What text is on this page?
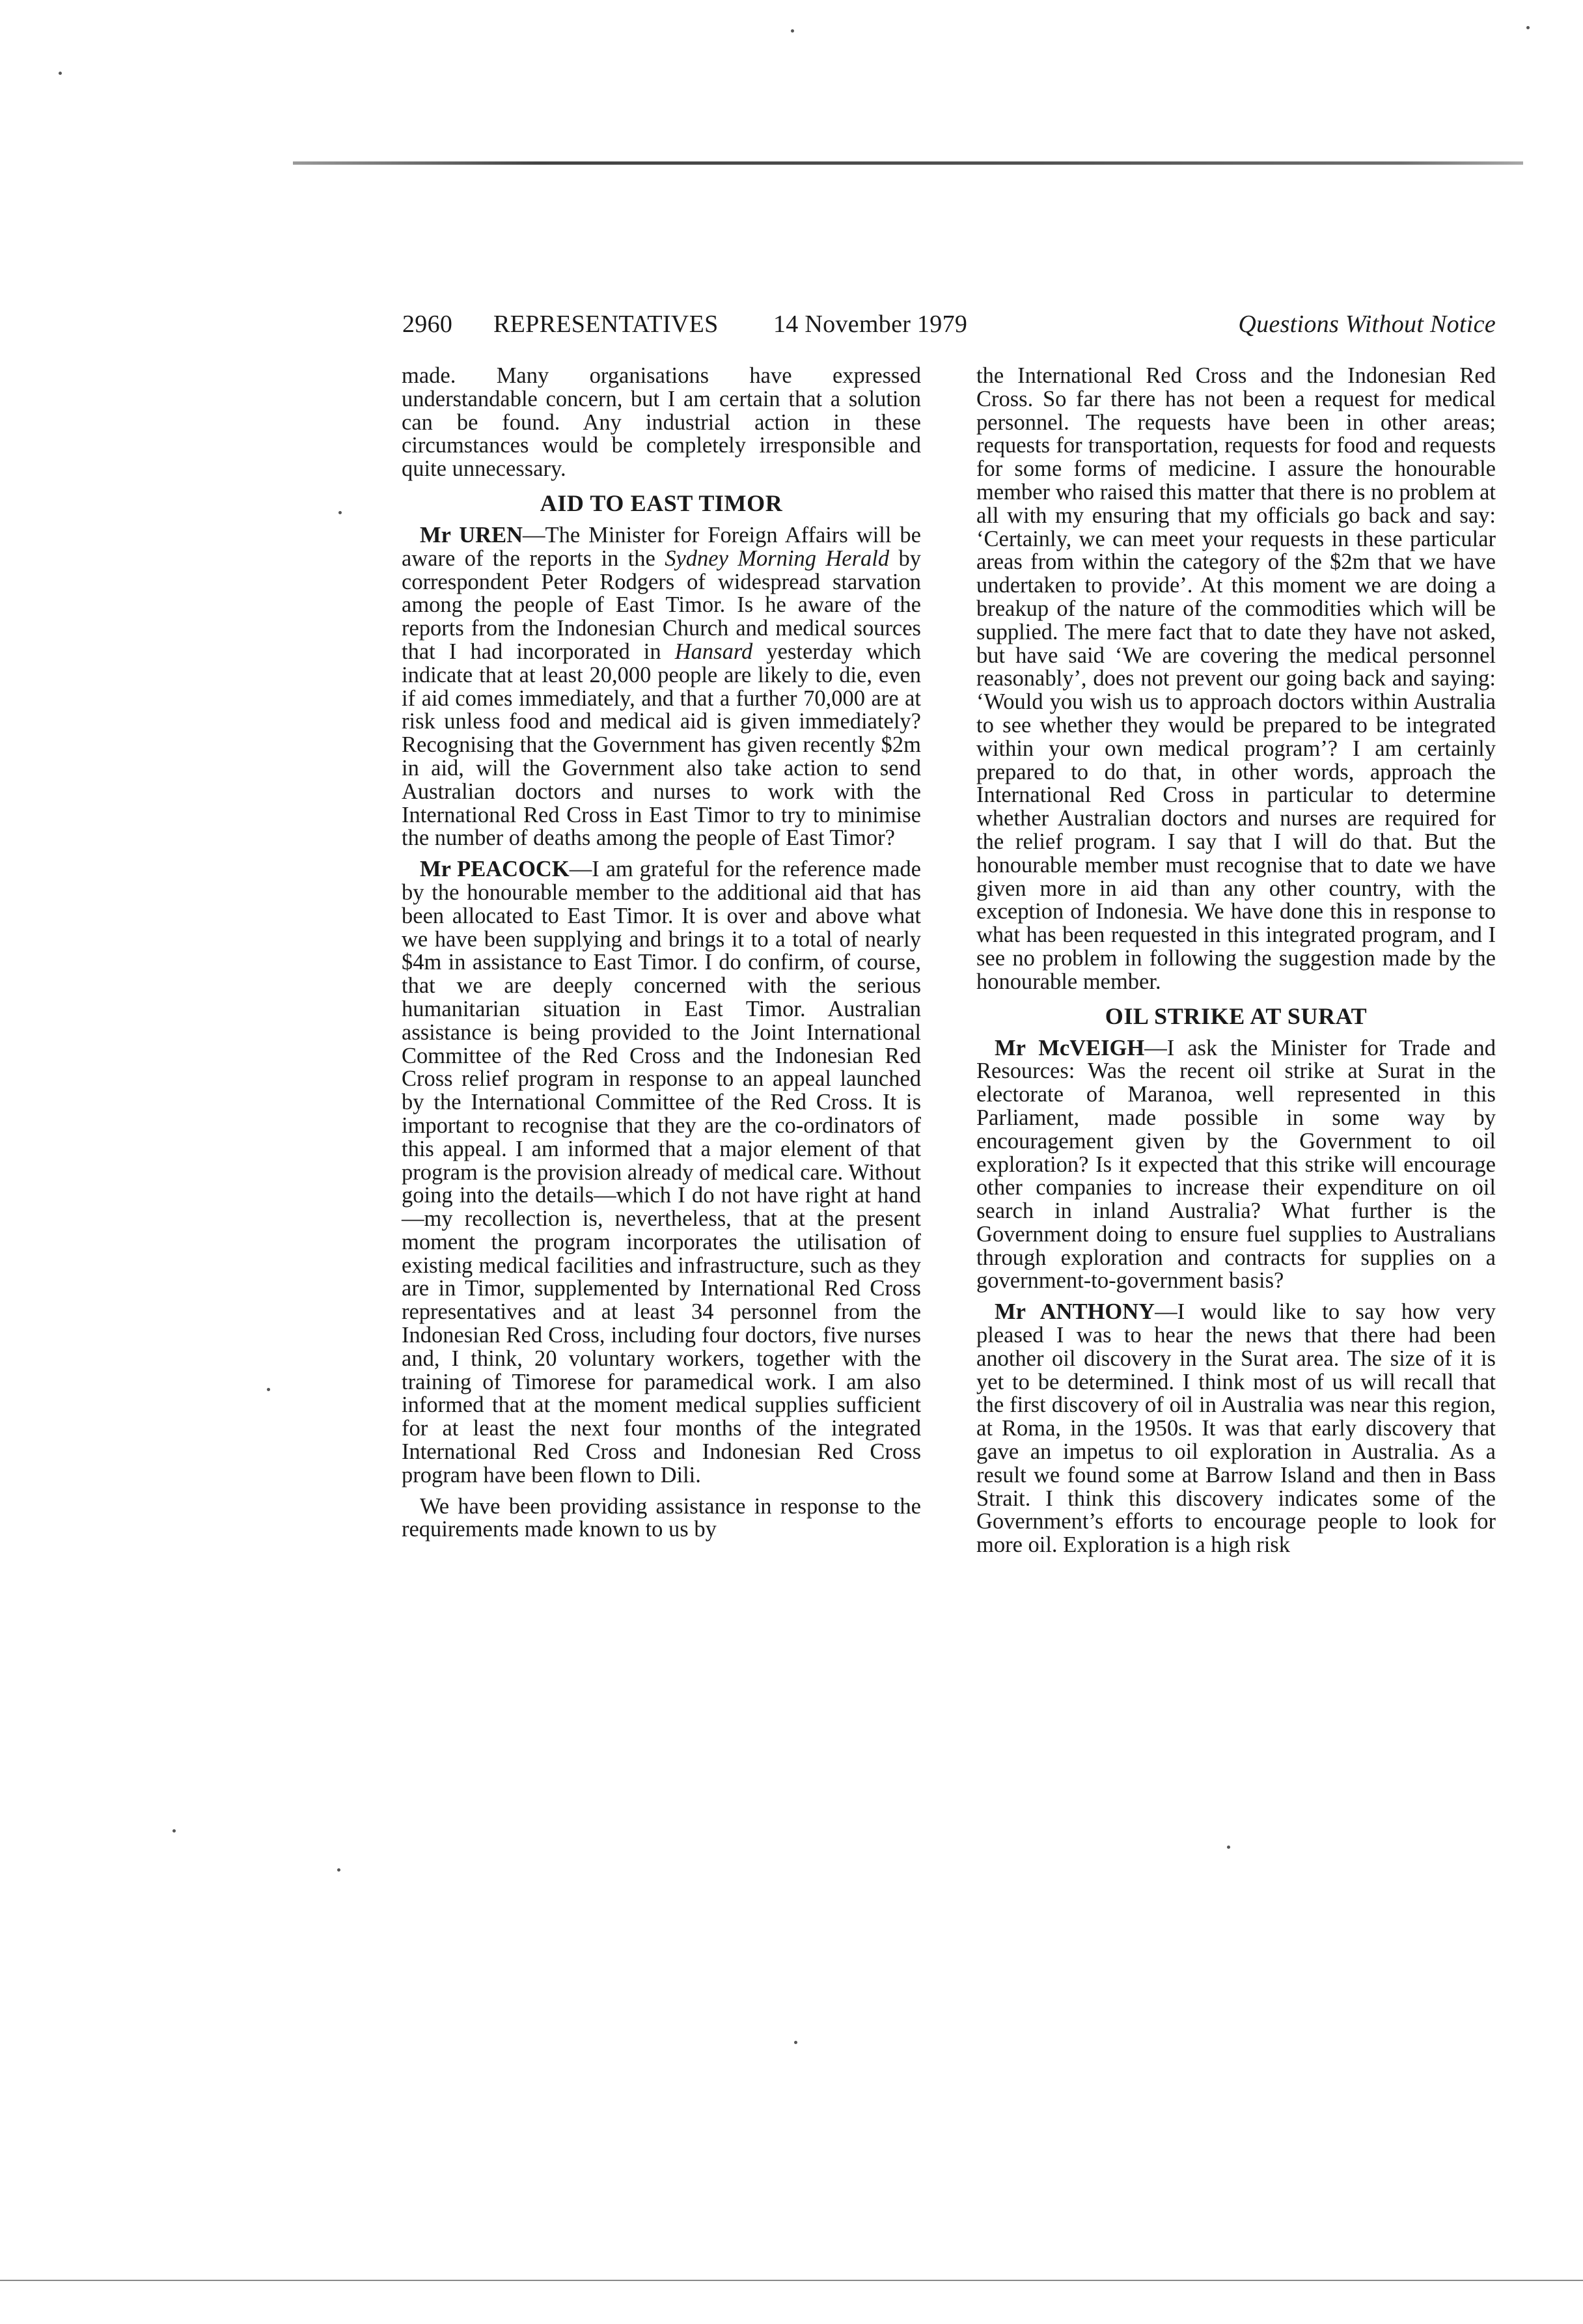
2960 REPRESENTATIVES 14 November 1979	Questions Without Notice

made. Many organisations have expressed understandable concern, but I am certain that a solution can be found. Any industrial action in these circumstances would be completely irresponsible and quite unnecessary.

AID TO EAST TIMOR

Mr UREN—The Minister for Foreign Affairs will be aware of the reports in the Sydney Morning Herald by correspondent Peter Rodgers of widespread starvation among the people of East Timor. Is he aware of the reports from the Indonesian Church and medical sources that I had incorporated in Hansard yesterday which indicate that at least 20,000 people are likely to die, even if aid comes immediately, and that a further 70,000 are at risk unless food and medical aid is given immediately? Recognising that the Government has given recently $2m in aid, will the Government also take action to send Australian doctors and nurses to work with the International Red Cross in East Timor to try to minimise the number of deaths among the people of East Timor?

Mr PEACOCK—I am grateful for the reference made by the honourable member to the additional aid that has been allocated to East Timor. It is over and above what we have been supplying and brings it to a total of nearly $4m in assistance to East Timor. I do confirm, of course, that we are deeply concerned with the serious humanitarian situation in East Timor. Australian assistance is being provided to the Joint International Committee of the Red Cross and the Indonesian Red Cross relief program in response to an appeal launched by the International Committee of the Red Cross. It is important to recognise that they are the co-ordinators of this appeal. I am informed that a major element of that program is the provision already of medical care. Without going into the details—which I do not have right at hand—my recollection is, nevertheless, that at the present moment the program incorporates the utilisation of existing medical facilities and infrastructure, such as they are in Timor, supplemented by International Red Cross representatives and at least 34 personnel from the Indonesian Red Cross, including four doctors, five nurses and, I think, 20 voluntary workers, together with the training of Timorese for paramedical work. I am also informed that at the moment medical supplies sufficient for at least the next four months of the integrated International Red Cross and Indonesian Red Cross program have been flown to Dili.

We have been providing assistance in response to the requirements made known to us by

the International Red Cross and the Indonesian Red Cross. So far there has not been a request for medical personnel. The requests have been in other areas; requests for transportation, requests for food and requests for some forms of medicine. I assure the honourable member who raised this matter that there is no problem at all with my ensuring that my officials go back and say: ‘Certainly, we can meet your requests in these particular areas from within the category of the $2m that we have undertaken to provide’. At this moment we are doing a breakup of the nature of the commodities which will be supplied. The mere fact that to date they have not asked, but have said ‘We are covering the medical personnel reasonably’, does not prevent our going back and saying: ‘Would you wish us to approach doctors within Australia to see whether they would be prepared to be integrated within your own medical program’? I am certainly prepared to do that, in other words, approach the International Red Cross in particular to determine whether Australian doctors and nurses are required for the relief program. I say that I will do that. But the honourable member must recognise that to date we have given more in aid than any other country, with the exception of Indonesia. We have done this in response to what has been requested in this integrated program, and I see no problem in following the suggestion made by the honourable member.

OIL STRIKE AT SURAT

Mr McVEIGH—I ask the Minister for Trade and Resources: Was the recent oil strike at Surat in the electorate of Maranoa, well represented in this Parliament, made possible in some way by encouragement given by the Government to oil exploration? Is it expected that this strike will encourage other companies to increase their expenditure on oil search in inland Australia? What further is the Government doing to ensure fuel supplies to Australians through exploration and contracts for supplies on a government-to-government basis?

Mr ANTHONY—I would like to say how very pleased I was to hear the news that there had been another oil discovery in the Surat area. The size of it is yet to be determined. I think most of us will recall that the first discovery of oil in Australia was near this region, at Roma, in the 1950s. It was that early discovery that gave an impetus to oil exploration in Australia. As a result we found some at Barrow Island and then in Bass Strait. I think this discovery indicates some of the Government’s efforts to encourage people to look for more oil. Exploration is a high risk
